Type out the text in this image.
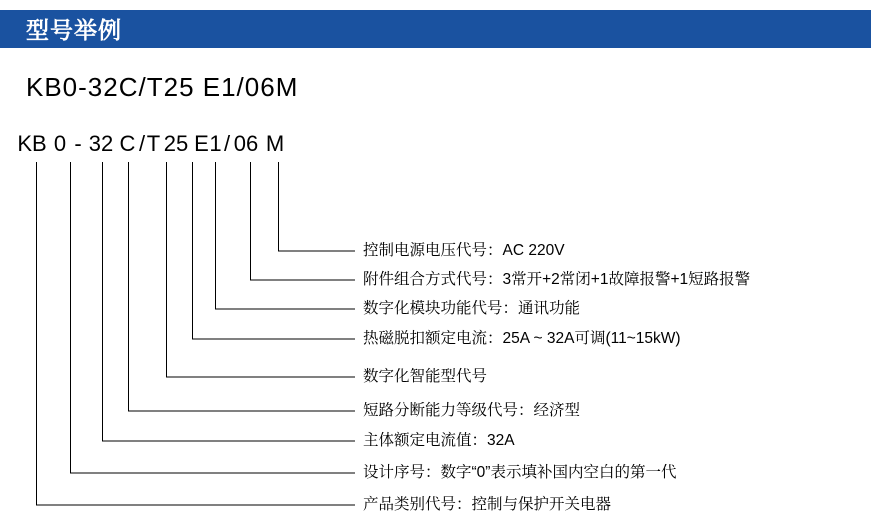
型号举例
KB0-32C/T25 E1/06M
KB 0 - 32 C / T 25 E 1 / 06 M
控制电源电压代号：AC 220V
附件组合方式代号：3常开+2常闭+1故障报警+1短路报警
数字化模块功能代号：通讯功能
热磁脱扣额定电流：25A ~ 32A可调(11~15kW)
数字化智能型代号
短路分断能力等级代号：经济型
主体额定电流值：32A
设计序号：数字“0”表示填补国内空白的第一代
产品类别代号：控制与保护开关电器
